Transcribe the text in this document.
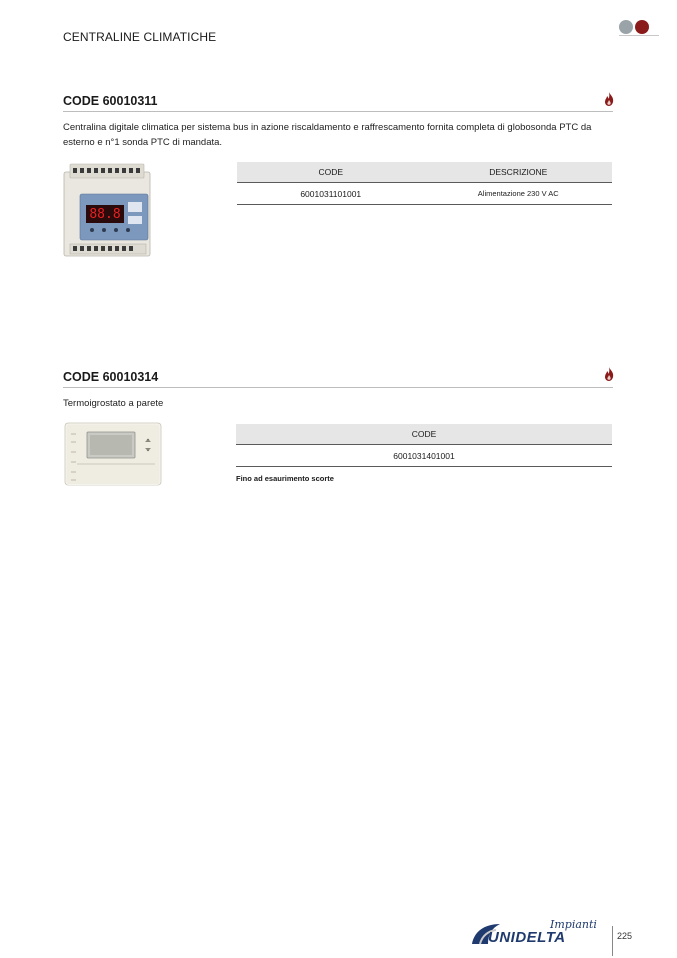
CENTRALINE CLIMATICHE
CODE 60010311
Centralina digitale climatica per sistema bus in azione riscaldamento e raffrescamento fornita completa di globosonda PTC da esterno e n°1 sonda PTC di mandata.
88.8
CODE	DESCRIZIONE
6001031101001	Alimentazione 230 V AC
CODE 60010314
Termoigrostato a parete
CODE
6001031401001
Fino ad esaurimento scorte
Impianti
UNIDELTA	225
